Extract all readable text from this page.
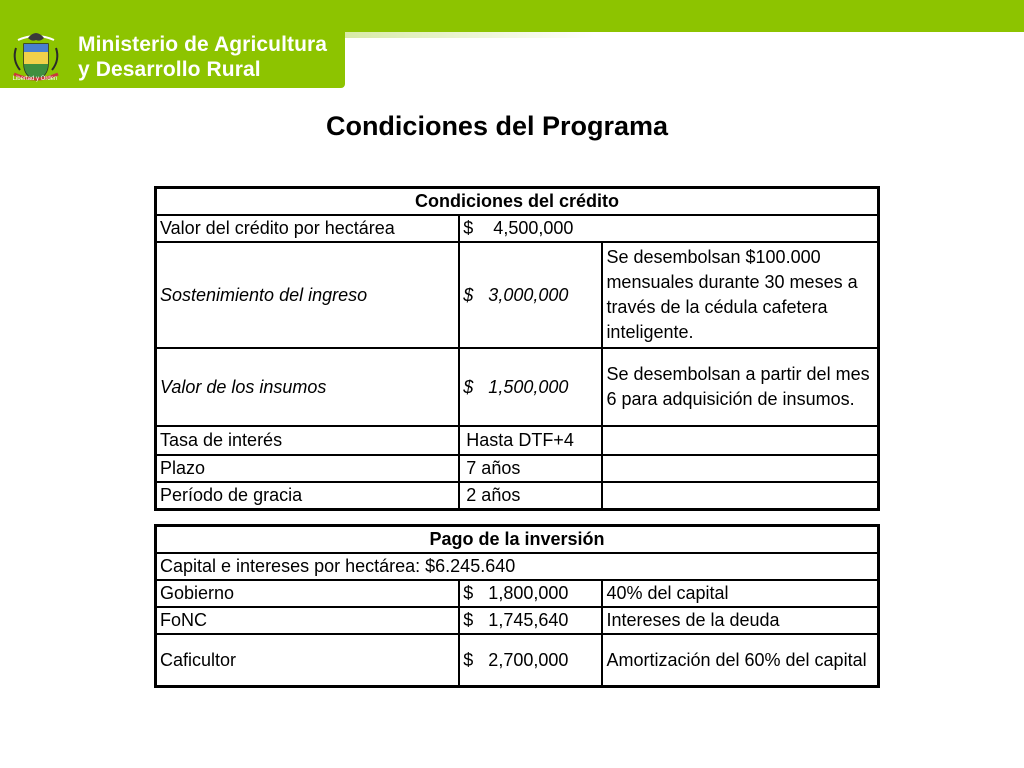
Libertad y Orden
Ministerio de Agricultura
y Desarrollo Rural
Condiciones del Programa
Condiciones del crédito		
Valor del crédito por hectárea	$    4,500,000	
Sostenimiento del ingreso	$   3,000,000	Se desembolsan $100.000 mensuales durante 30 meses a través de la cédula cafetera inteligente.
Valor de los insumos	$   1,500,000	Se desembolsan a partir del mes 6 para adquisición de insumos.
Tasa de interés	Hasta DTF+4	
Plazo	7 años	
Período de gracia	2 años	
Pago de la inversión		
Capital e intereses por hectárea: $6.245.640		
Gobierno	$   1,800,000	40% del capital
FoNC	$   1,745,640	Intereses de la deuda
Caficultor	$   2,700,000	Amortización del 60% del capital
